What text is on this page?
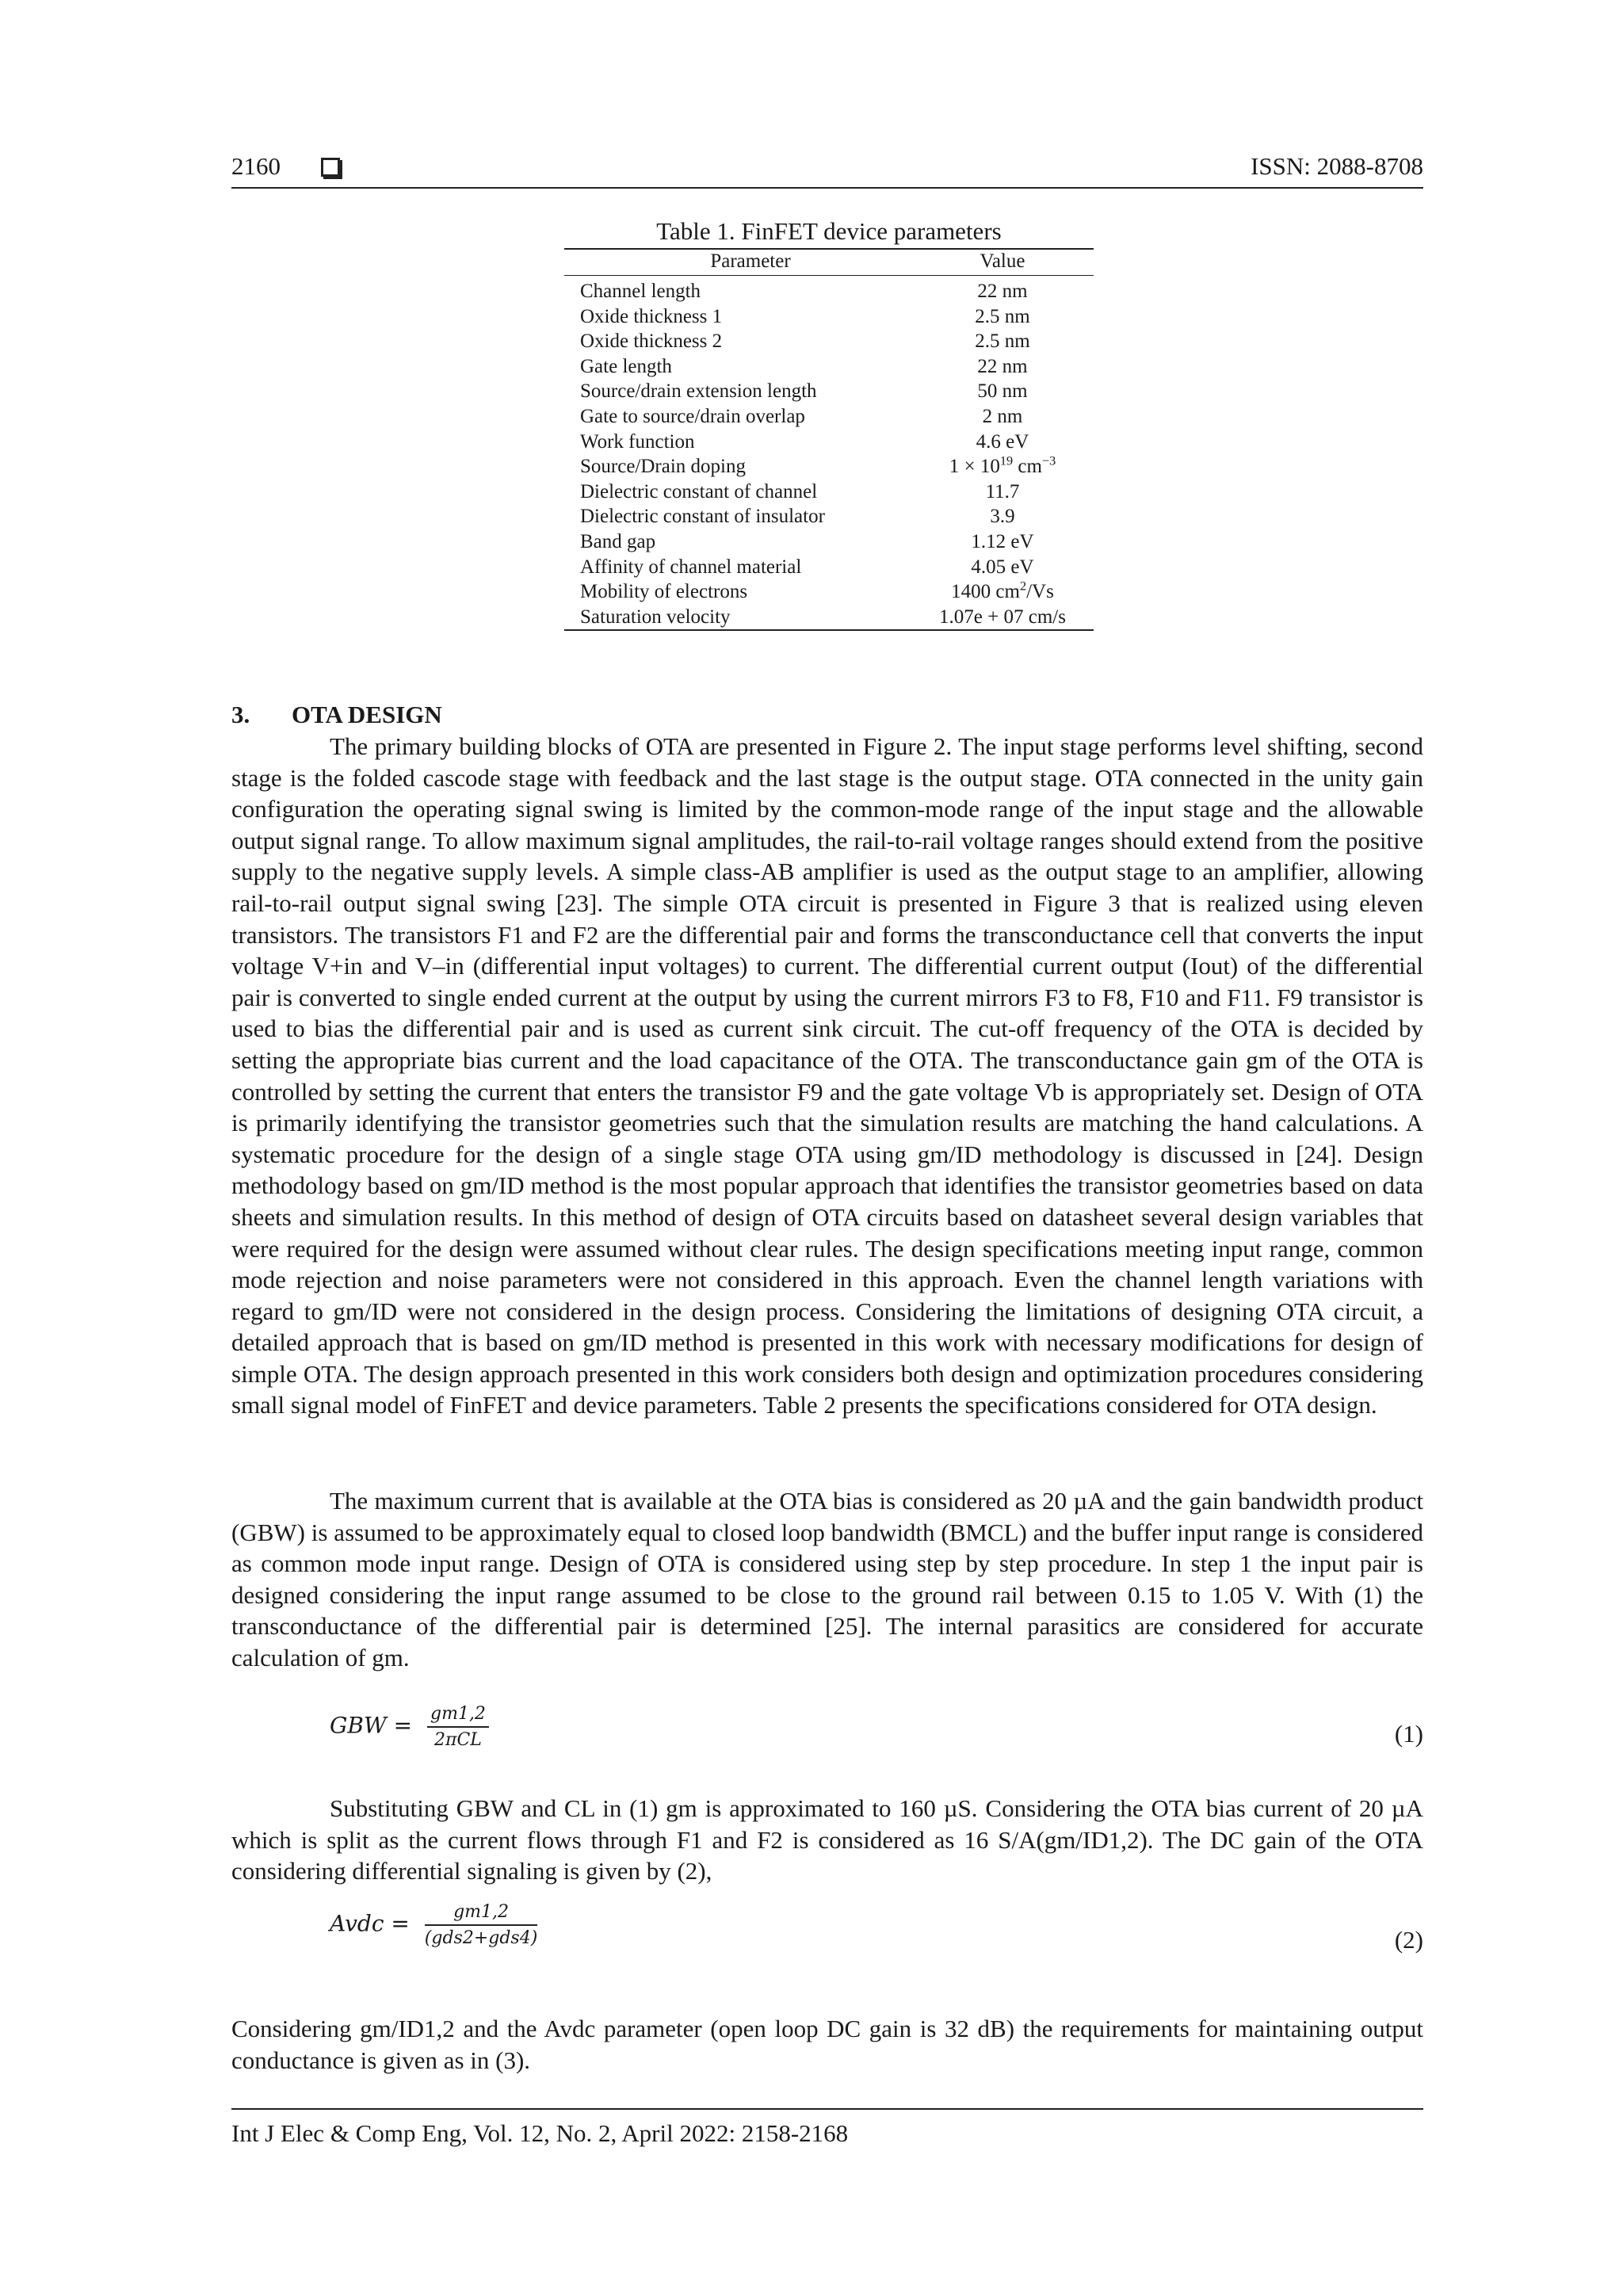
2160	ISSN: 2088-8708
Table 1. FinFET device parameters
Parameter	Value
Channel length	22 nm
Oxide thickness 1	2.5 nm
Oxide thickness 2	2.5 nm
Gate length	22 nm
Source/drain extension length	50 nm
Gate to source/drain overlap	2 nm
Work function	4.6 eV
Source/Drain doping	$1 \times 10^{19}$ $cm^{-3}$
Dielectric constant of channel	11.7
Dielectric constant of insulator	3.9
Band gap	1.12 eV
Affinity of channel material	4.05 eV
Mobility of electrons	1400 $cm^2/Vs$
Saturation velocity	1.07e + 07 cm/s
3. OTA DESIGN

The primary building blocks of OTA are presented in Figure 2. The input stage performs level shifting, second stage is the folded cascode stage with feedback and the last stage is the output stage. OTA connected in the unity gain configuration the operating signal swing is limited by the common-mode range of the input stage and the allowable output signal range. To allow maximum signal amplitudes, the rail-to-rail voltage ranges should extend from the positive supply to the negative supply levels. A simple class-AB amplifier is used as the output stage to an amplifier, allowing rail-to-rail output signal swing [23]. The simple OTA circuit is presented in Figure 3 that is realized using eleven transistors. The transistors F1 and F2 are the differential pair and forms the transconductance cell that converts the input voltage V+in and V–in (differential input voltages) to current. The differential current output (Iout) of the differential pair is converted to single ended current at the output by using the current mirrors F3 to F8, F10 and F11. F9 transistor is used to bias the differential pair and is used as current sink circuit. The cut-off frequency of the OTA is decided by setting the appropriate bias current and the load capacitance of the OTA. The transconductance gain gm of the OTA is controlled by setting the current that enters the transistor F9 and the gate voltage Vb is appropriately set. Design of OTA is primarily identifying the transistor geometries such that the simulation results are matching the hand calculations. A systematic procedure for the design of a single stage OTA using gm/ID methodology is discussed in [24]. Design methodology based on gm/ID method is the most popular approach that identifies the transistor geometries based on data sheets and simulation results. In this method of design of OTA circuits based on datasheet several design variables that were required for the design were assumed without clear rules. The design specifications meeting input range, common mode rejection and noise parameters were not considered in this approach. Even the channel length variations with regard to gm/ID were not considered in the design process. Considering the limitations of designing OTA circuit, a detailed approach that is based on gm/ID method is presented in this work with necessary modifications for design of simple OTA. The design approach presented in this work considers both design and optimization procedures considering small signal model of FinFET and device parameters. Table 2 presents the specifications considered for OTA design.

The maximum current that is available at the OTA bias is considered as 20 µA and the gain bandwidth product (GBW) is assumed to be approximately equal to closed loop bandwidth (BMCL) and the buffer input range is considered as common mode input range. Design of OTA is considered using step by step procedure. In step 1 the input pair is designed considering the input range assumed to be close to the ground rail between 0.15 to 1.05 V. With (1) the transconductance of the differential pair is determined [25]. The internal parasitics are considered for accurate calculation of gm.

GBW = $\frac{gm1,2}{\text{2πCL}}$	(1)

Substituting GBW and CL in (1) gm is approximated to 160 µS. Considering the OTA bias current of 20 µA which is split as the current flows through F1 and F2 is considered as 16 S/A(gm/ID1,2). The DC gain of the OTA considering differential signaling is given by (2),

Avdc = $\frac{gm1,2}{\text{(gds2+gds4)}}$	(2)

Considering gm/ID1,2 and the Avdc parameter (open loop DC gain is 32 dB) the requirements for maintaining output conductance is given as in (3).

Int J Elec & Comp Eng, Vol. 12, No. 2, April 2022: 2158-2168
